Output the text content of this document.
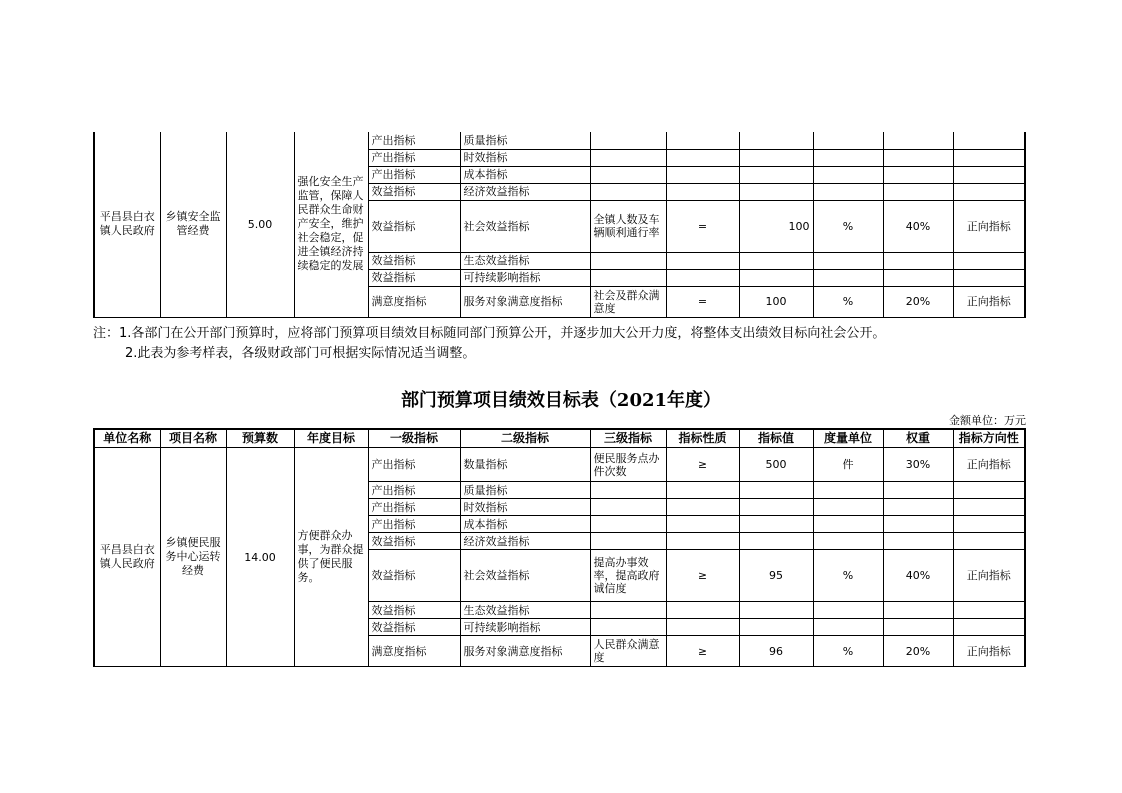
平昌县白衣镇人民政府	乡镇安全监管经费	5.00	强化安全生产监管，保障人民群众生命财产安全，维护社会稳定，促进全镇经济持续稳定的发展	产出指标	质量指标						
				产出指标	时效指标						
				产出指标	成本指标						
				效益指标	经济效益指标						
				效益指标	社会效益指标	全镇人数及车辆顺利通行率	=	100	%	40%	正向指标
				效益指标	生态效益指标						
				效益指标	可持续影响指标						
				满意度指标	服务对象满意度指标	社会及群众满意度	=	100	%	20%	正向指标
注：1.各部门在公开部门预算时，应将部门预算项目绩效目标随同部门预算公开，并逐步加大公开力度，将整体支出绩效目标向社会公开。
2.此表为参考样表，各级财政部门可根据实际情况适当调整。
部门预算项目绩效目标表（2021年度）
金额单位：万元
单位名称	项目名称	预算数	年度目标	一级指标	二级指标	三级指标	指标性质	指标值	度量单位	权重	指标方向性
平昌县白衣镇人民政府	乡镇便民服务中心运转经费	14.00	方便群众办事，为群众提供了便民服务。	产出指标	数量指标	便民服务点办件次数	≥	500	件	30%	正向指标
				产出指标	质量指标						
				产出指标	时效指标						
				产出指标	成本指标						
				效益指标	经济效益指标						
				效益指标	社会效益指标	提高办事效率，提高政府诚信度	≥	95	%	40%	正向指标
				效益指标	生态效益指标						
				效益指标	可持续影响指标						
				满意度指标	服务对象满意度指标	人民群众满意度	≥	96	%	20%	正向指标
